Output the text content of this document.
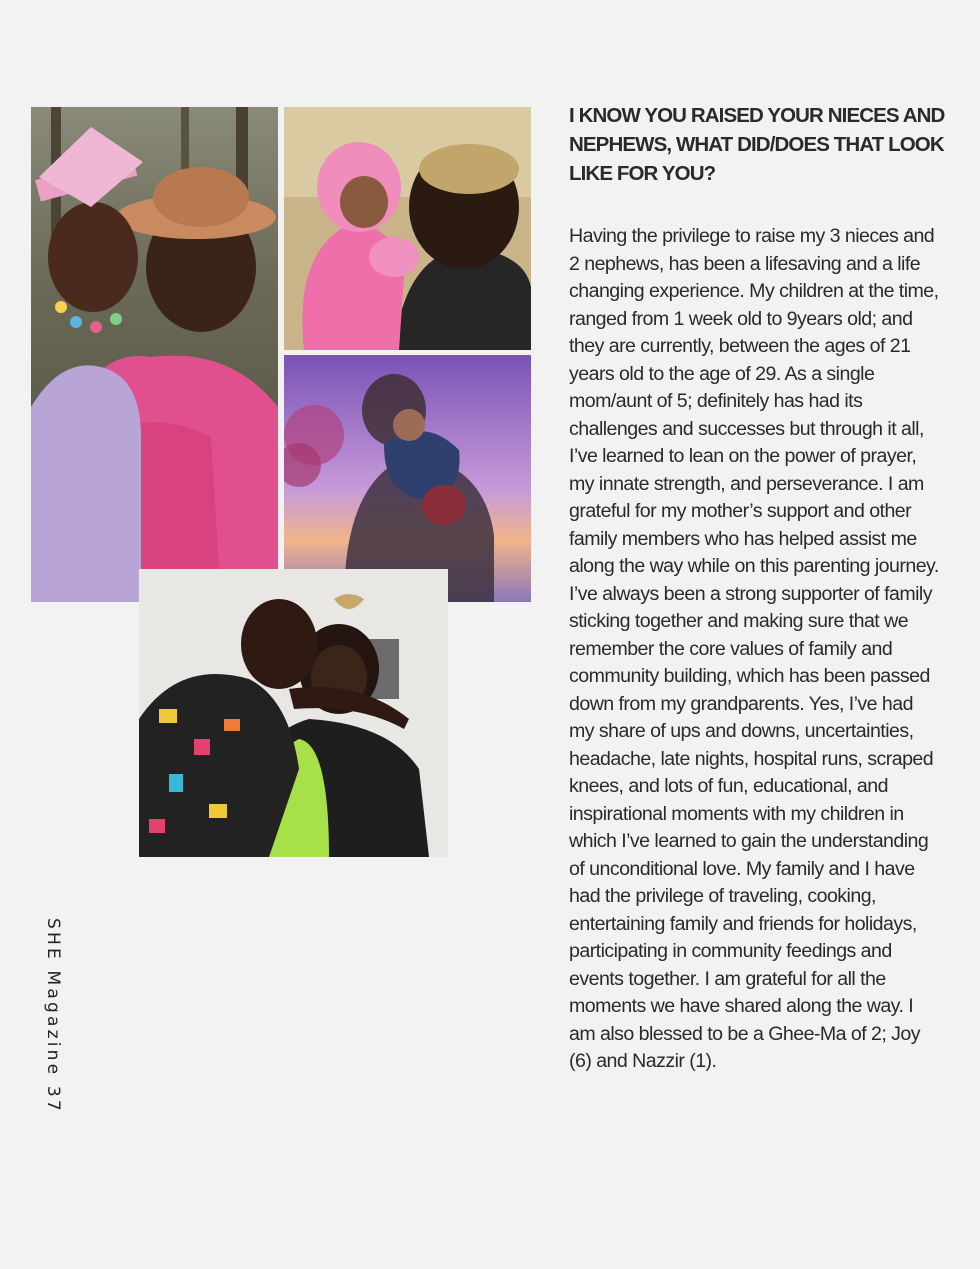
I KNOW YOU RAISED YOUR NIECES AND NEPHEWS, WHAT DID/DOES THAT LOOK LIKE FOR YOU?

Having the privilege to raise my 3 nieces and 2 nephews, has been a lifesaving and a life changing experience. My children at the time, ranged from 1 week old to 9years old; and they are currently, between the ages of 21 years old to the age of 29. As a single mom/aunt of 5; definitely has had its challenges and successes but through it all, I’ve learned to lean on the power of prayer, my innate strength, and perseverance. I am grateful for my mother’s support and other family members who has helped assist me along the way while on this parenting journey. I’ve always been a strong supporter of family sticking together and making sure that we remember the core values of family and community building, which has been passed down from my grandparents. Yes, I’ve had my share of ups and downs, uncertainties, headache, late nights, hospital runs, scraped knees, and lots of fun, educational, and inspirational moments with my children in which I’ve learned to gain the understanding of unconditional love. My family and I have had the privilege of traveling, cooking, entertaining family and friends for holidays, participating in community feedings and events together. I am grateful for all the moments we have shared along the way. I am also blessed to be a Ghee-Ma of 2; Joy (6) and Nazzir (1).

SHE Magazine 37
